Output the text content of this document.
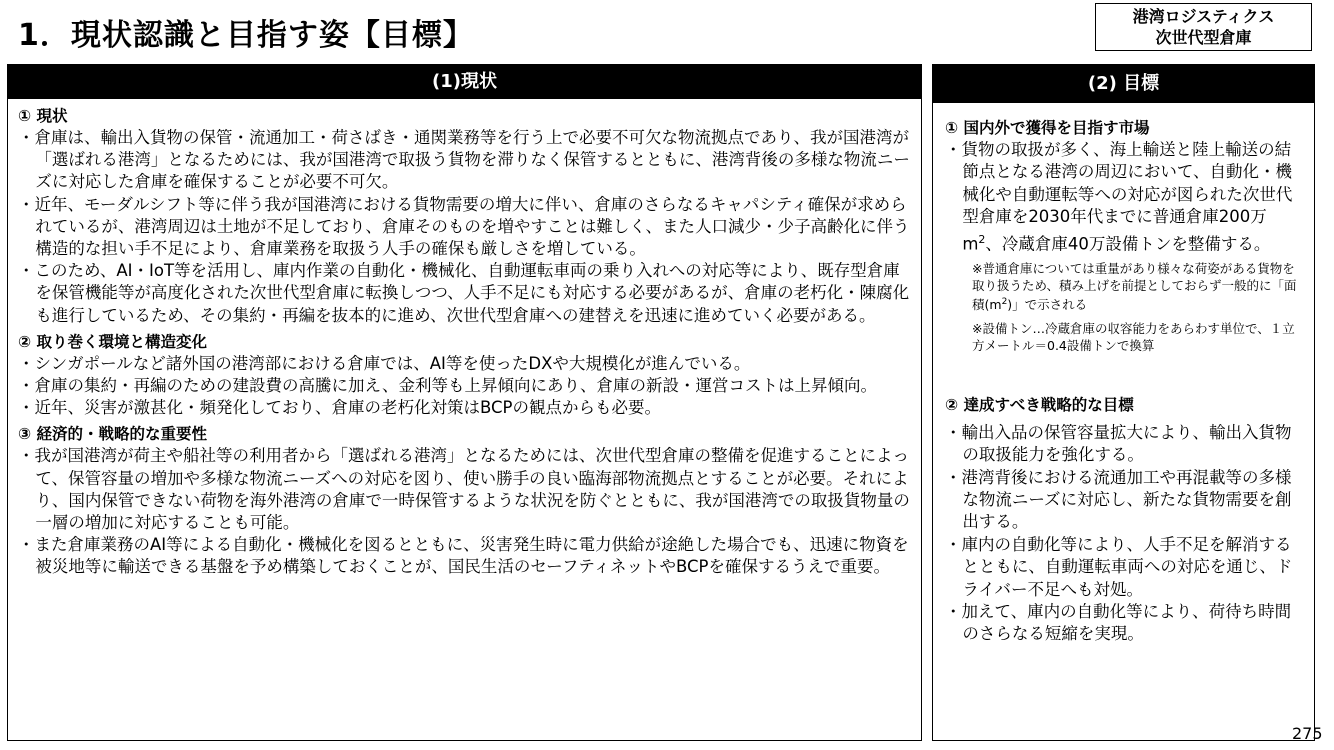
1．現状認識と目指す姿【目標】
港湾ロジスティクス
次世代型倉庫
(1)現状
① 現状

・倉庫は、輸出入貨物の保管・流通加工・荷さばき・通関業務等を行う上で必要不可欠な物流拠点であり、我が国港湾が「選ばれる港湾」となるためには、我が国港湾で取扱う貨物を滞りなく保管するとともに、港湾背後の多様な物流ニーズに対応した倉庫を確保することが必要不可欠。

・近年、モーダルシフト等に伴う我が国港湾における貨物需要の増大に伴い、倉庫のさらなるキャパシティ確保が求められているが、港湾周辺は土地が不足しており、倉庫そのものを増やすことは難しく、また人口減少・少子高齢化に伴う構造的な担い手不足により、倉庫業務を取扱う人手の確保も厳しさを増している。

・このため、AI・IoT等を活用し、庫内作業の自動化・機械化、自動運転車両の乗り入れへの対応等により、既存型倉庫を保管機能等が高度化された次世代型倉庫に転換しつつ、人手不足にも対応する必要があるが、倉庫の老朽化・陳腐化も進行しているため、その集約・再編を抜本的に進め、次世代型倉庫への建替えを迅速に進めていく必要がある。

② 取り巻く環境と構造変化

・シンガポールなど諸外国の港湾部における倉庫では、AI等を使ったDXや大規模化が進んでいる。

・倉庫の集約・再編のための建設費の高騰に加え、金利等も上昇傾向にあり、倉庫の新設・運営コストは上昇傾向。

・近年、災害が激甚化・頻発化しており、倉庫の老朽化対策はBCPの観点からも必要。

③ 経済的・戦略的な重要性

・我が国港湾が荷主や船社等の利用者から「選ばれる港湾」となるためには、次世代型倉庫の整備を促進することによって、保管容量の増加や多様な物流ニーズへの対応を図り、使い勝手の良い臨海部物流拠点とすることが必要。それにより、国内保管できない荷物を海外港湾の倉庫で一時保管するような状況を防ぐとともに、我が国港湾での取扱貨物量の一層の増加に対応することも可能。

・また倉庫業務のAI等による自動化・機械化を図るとともに、災害発生時に電力供給が途絶した場合でも、迅速に物資を被災地等に輸送できる基盤を予め構築しておくことが、国民生活のセーフティネットやBCPを確保するうえで重要。

(2) 目標
① 国内外で獲得を目指す市場

・貨物の取扱が多く、海上輸送と陸上輸送の結節点となる港湾の周辺において、自動化・機械化や自動運転等への対応が図られた次世代型倉庫を2030年代までに普通倉庫200万$m^2$、冷蔵倉庫40万設備トンを整備する。

※普通倉庫については重量があり様々な荷姿がある貨物を取り扱うため、積み上げを前提としておらず一般的に「面積$(m^2)$」で示される
※設備トン…冷蔵倉庫の収容能力をあらわす単位で、１立方メートル＝0.4設備トンで換算
② 達成すべき戦略的な目標

・輸出入品の保管容量拡大により、輸出入貨物の取扱能力を強化する。

・港湾背後における流通加工や再混載等の多様な物流ニーズに対応し、新たな貨物需要を創出する。

・庫内の自動化等により、人手不足を解消するとともに、自動運転車両への対応を通じ、ドライバー不足へも対処。

・加えて、庫内の自動化等により、荷待ち時間のさらなる短縮を実現。

275
